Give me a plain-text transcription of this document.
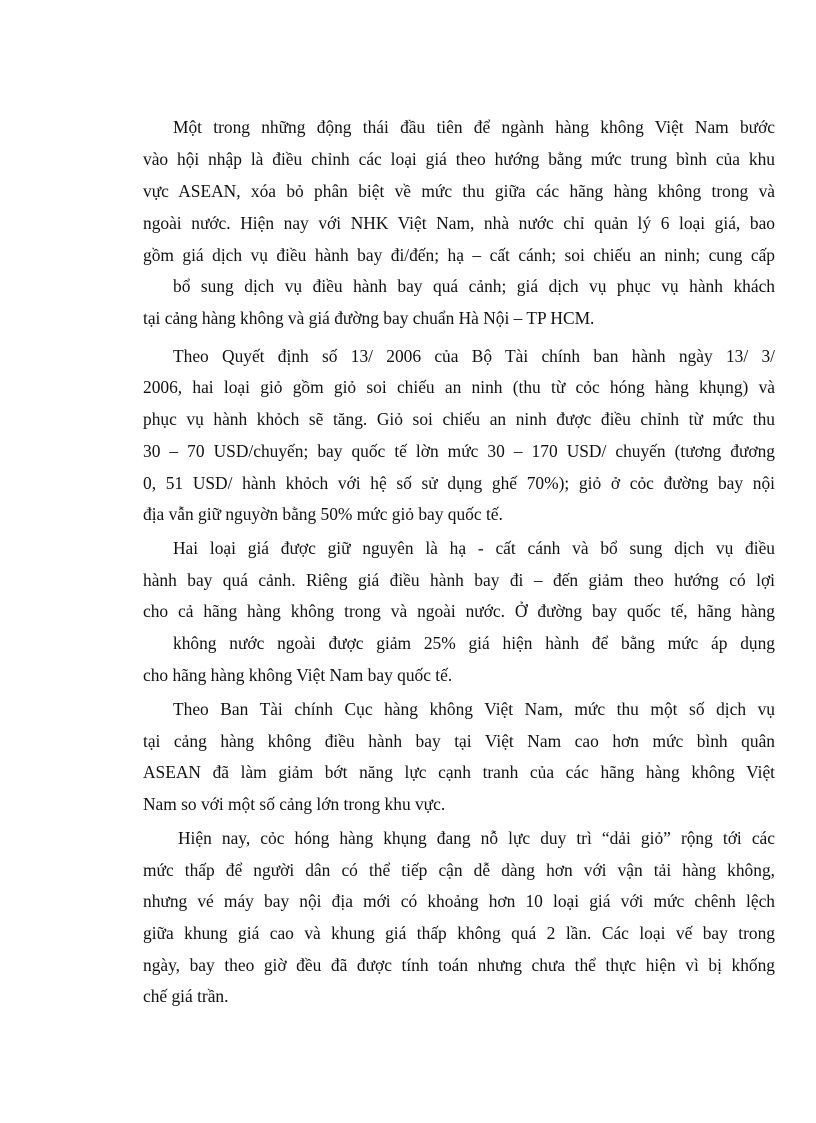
Một trong những động thái đầu tiên để ngành hàng không Việt Nam bước
vào hội nhập là điều chỉnh các loại giá theo hướng bằng mức trung bình của khu
vực ASEAN, xóa bỏ phân biệt về mức thu giữa các hãng hàng không trong và
ngoài nước. Hiện nay với NHK Việt Nam, nhà nước chỉ quản lý 6 loại giá, bao
gồm giá dịch vụ điều hành bay đi/đến; hạ – cất cánh; soi chiếu an ninh; cung cấp
bổ sung dịch vụ điều hành bay quá cảnh; giá dịch vụ phục vụ hành khách
tại cảng hàng không và giá đường bay chuẩn Hà Nội – TP HCM.
Theo Quyết định số 13/ 2006 của Bộ Tài chính ban hành ngày 13/ 3/
2006, hai loại giỏ gồm giỏ soi chiếu an ninh (thu từ cỏc hóng hàng khụng) và
phục vụ hành khỏch sẽ tăng. Giỏ soi chiếu an ninh được điều chỉnh từ mức thu
30 – 70 USD/chuyến; bay quốc tế lờn mức 30 – 170 USD/ chuyến (tương đương
0, 51 USD/ hành khỏch với hệ số sử dụng ghế 70%); giỏ ở cỏc đường bay nội
địa vẫn giữ nguyờn bằng 50% mức giỏ bay quốc tế.
Hai loại giá được giữ nguyên là hạ - cất cánh và bổ sung dịch vụ điều
hành bay quá cảnh. Riêng giá điều hành bay đi – đến giảm theo hướng có lợi
cho cả hãng hàng không trong và ngoài nước. Ở đường bay quốc tế, hãng hàng
không nước ngoài được giảm 25% giá hiện hành để bằng mức áp dụng
cho hãng hàng không Việt Nam bay quốc tế.
Theo Ban Tài chính Cục hàng không Việt Nam, mức thu một số dịch vụ
tại cảng hàng không điều hành bay tại Việt Nam cao hơn mức bình quân
ASEAN đã làm giảm bớt năng lực cạnh tranh của các hãng hàng không Việt
Nam so với một số cảng lớn trong khu vực.
Hiện nay, cỏc hóng hàng khụng đang nỗ lực duy trì “dải giỏ” rộng tới các
mức thấp để người dân có thể tiếp cận dễ dàng hơn với vận tải hàng không,
nhưng vé máy bay nội địa mới có khoảng hơn 10 loại giá với mức chênh lệch
giữa khung giá cao và khung giá thấp không quá 2 lần. Các loại vế bay trong
ngày, bay theo giờ đều đã được tính toán nhưng chưa thể thực hiện vì bị khống
chế giá trần.
